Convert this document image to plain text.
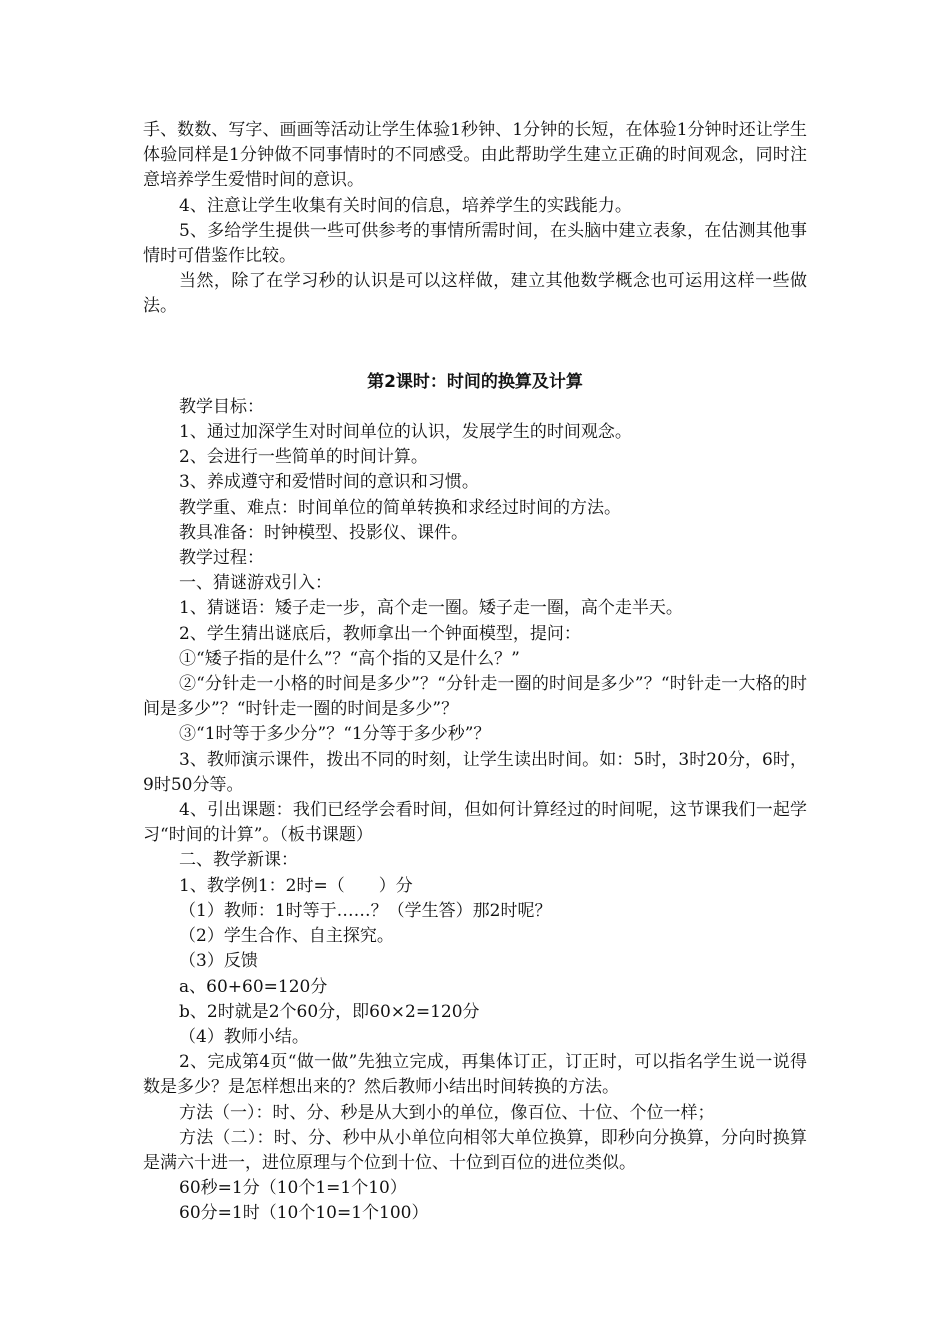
手、数数、写字、画画等活动让学生体验1秒钟、1分钟的长短，在体验1分钟时还让学生体验同样是1分钟做不同事情时的不同感受。由此帮助学生建立正确的时间观念，同时注意培养学生爱惜时间的意识。

4、注意让学生收集有关时间的信息，培养学生的实践能力。

5、多给学生提供一些可供参考的事情所需时间，在头脑中建立表象，在估测其他事情时可借鉴作比较。

当然，除了在学习秒的认识是可以这样做，建立其他数学概念也可运用这样一些做法。

第2课时：时间的换算及计算

教学目标：

1、通过加深学生对时间单位的认识，发展学生的时间观念。

2、会进行一些简单的时间计算。

3、养成遵守和爱惜时间的意识和习惯。

教学重、难点：时间单位的简单转换和求经过时间的方法。

教具准备：时钟模型、投影仪、课件。

教学过程：

一、猜谜游戏引入：

1、猜谜语：矮子走一步，高个走一圈。矮子走一圈，高个走半天。

2、学生猜出谜底后，教师拿出一个钟面模型，提问：

①“矮子指的是什么”？“高个指的又是什么？”

②“分针走一小格的时间是多少”？“分针走一圈的时间是多少”？“时针走一大格的时间是多少”？“时针走一圈的时间是多少”？

③“1时等于多少分”？“1分等于多少秒”？

3、教师演示课件，拨出不同的时刻，让学生读出时间。如：5时，3时20分，6时，9时50分等。

4、引出课题：我们已经学会看时间，但如何计算经过的时间呢，这节课我们一起学习“时间的计算”。（板书课题）

二、教学新课：

1、教学例1：2时=（　　）分

（1）教师：1时等于……？（学生答）那2时呢？

（2）学生合作、自主探究。

（3）反馈

a、60+60=120分

b、2时就是2个60分，即60×2=120分

（4）教师小结。

2、完成第4页“做一做”先独立完成，再集体订正，订正时，可以指名学生说一说得数是多少？是怎样想出来的？然后教师小结出时间转换的方法。

方法（一）：时、分、秒是从大到小的单位，像百位、十位、个位一样；

方法（二）：时、分、秒中从小单位向相邻大单位换算，即秒向分换算，分向时换算是满六十进一，进位原理与个位到十位、十位到百位的进位类似。

60秒=1分（10个1=1个10）

60分=1时（10个10=1个100）
